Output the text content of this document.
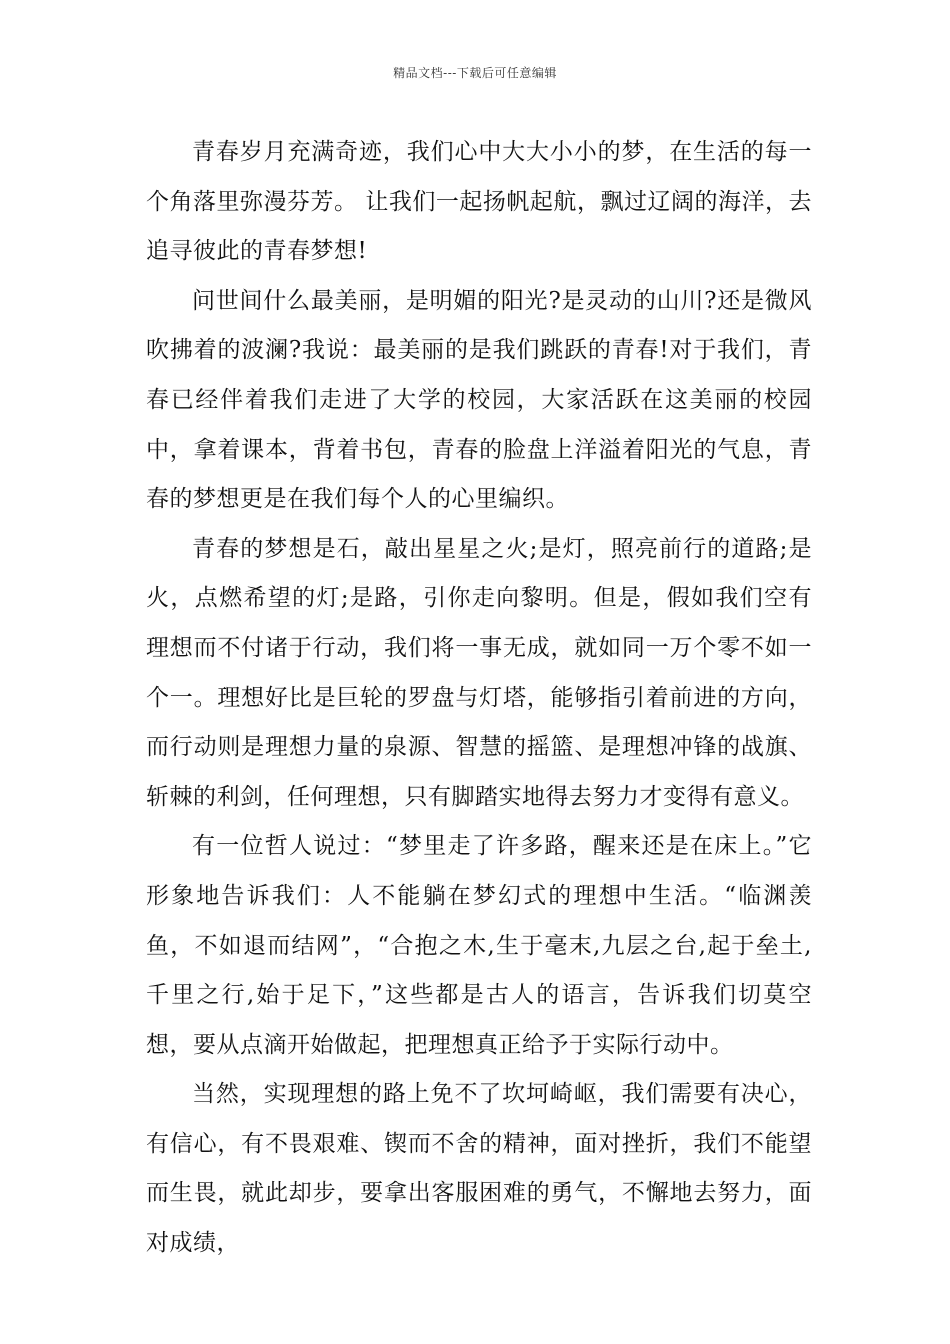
精品文档---下载后可任意编辑

青春岁月充满奇迹，我们心中大大小小的梦，在生活的每一个角落里弥漫芬芳。 让我们一起扬帆起航，飘过辽阔的海洋，去追寻彼此的青春梦想!

问世间什么最美丽，是明媚的阳光?是灵动的山川?还是微风吹拂着的波澜?我说：最美丽的是我们跳跃的青春!对于我们，青春已经伴着我们走进了大学的校园，大家活跃在这美丽的校园中，拿着课本，背着书包，青春的脸盘上洋溢着阳光的气息，青春的梦想更是在我们每个人的心里编织。

青春的梦想是石，敲出星星之火;是灯，照亮前行的道路;是火，点燃希望的灯;是路，引你走向黎明。但是，假如我们空有理想而不付诸于行动，我们将一事无成，就如同一万个零不如一个一。理想好比是巨轮的罗盘与灯塔，能够指引着前进的方向，而行动则是理想力量的泉源、智慧的摇篮、是理想冲锋的战旗、斩棘的利剑，任何理想，只有脚踏实地得去努力才变得有意义。

有一位哲人说过：“梦里走了许多路，醒来还是在床上。”它形象地告诉我们：人不能躺在梦幻式的理想中生活。“临渊羡鱼，不如退而结网”，“合抱之木,生于毫末,九层之台,起于垒土,千里之行,始于足下，”这些都是古人的语言，告诉我们切莫空想，要从点滴开始做起，把理想真正给予于实际行动中。

当然，实现理想的路上免不了坎坷崎岖，我们需要有决心，有信心，有不畏艰难、锲而不舍的精神，面对挫折，我们不能望而生畏，就此却步，要拿出客服困难的勇气，不懈地去努力，面对成绩，
